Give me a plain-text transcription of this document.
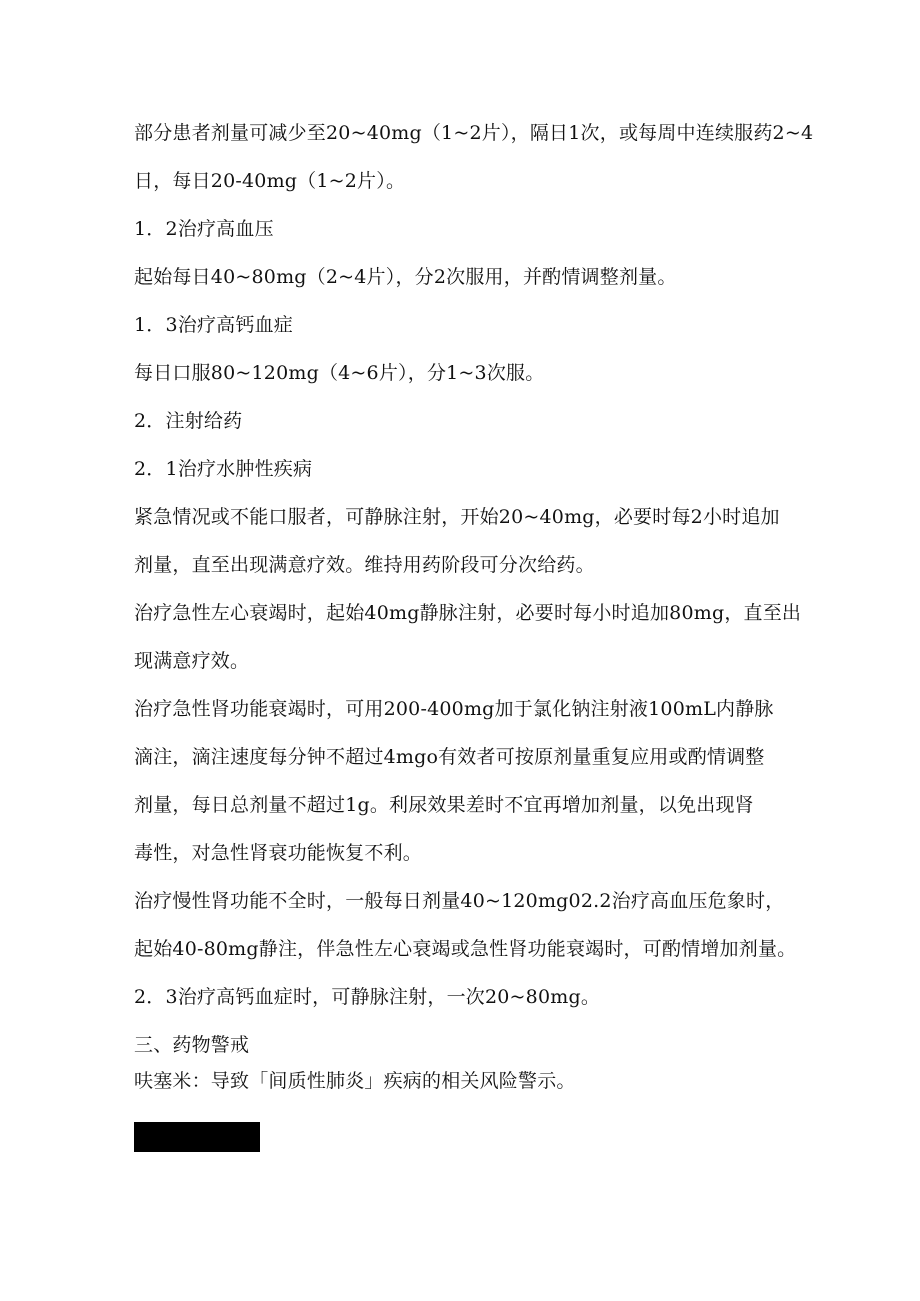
部分患者剂量可减少至20~40mg（1~2片），隔日1次，或每周中连续服药2~4

日，每日20-40mg（1~2片）。

1．2治疗高血压

起始每日40~80mg（2~4片），分2次服用，并酌情调整剂量。

1．3治疗高钙血症

每日口服80~120mg（4~6片），分1~3次服。

2．注射给药

2．1治疗水肿性疾病

紧急情况或不能口服者，可静脉注射，开始20~40mg，必要时每2小时追加

剂量，直至出现满意疗效。维持用药阶段可分次给药。

治疗急性左心衰竭时，起始40mg静脉注射，必要时每小时追加80mg，直至出

现满意疗效。

治疗急性肾功能衰竭时，可用200-400mg加于氯化钠注射液100mL内静脉

滴注，滴注速度每分钟不超过4mgo有效者可按原剂量重复应用或酌情调整

剂量，每日总剂量不超过1g。利尿效果差时不宜再增加剂量，以免出现肾

毒性，对急性肾衰功能恢复不利。

治疗慢性肾功能不全时，一般每日剂量40~120mg02.2治疗高血压危象时，

起始40-80mg静注，伴急性左心衰竭或急性肾功能衰竭时，可酌情增加剂量。

2．3治疗高钙血症时，可静脉注射，一次20~80mg。

三、药物警戒

呋塞米：导致「间质性肺炎」疾病的相关风险警示。
